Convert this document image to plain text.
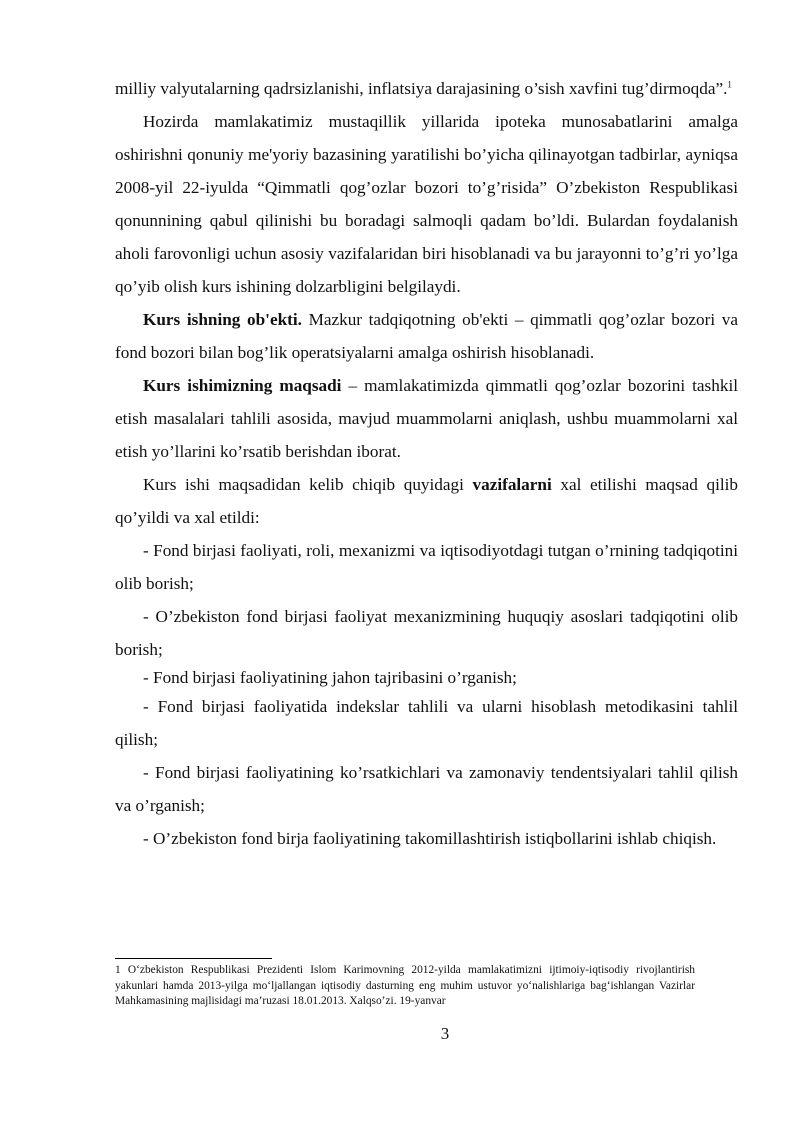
milliy valyutalarning qadrsizlanishi, inflatsiya darajasining o’sish xavfini tug’dirmoqda”.$^1$

Hozirda mamlakatimiz mustaqillik yillarida ipoteka munosabatlarini amalga oshirishni qonuniy me'yoriy bazasining yaratilishi bo’yicha qilinayotgan tadbirlar, ayniqsa 2008-yil 22-iyulda “Qimmatli qog’ozlar bozori to’g’risida” O’zbekiston Respublikasi qonunnining qabul qilinishi bu boradagi salmoqli qadam bo’ldi. Bulardan foydalanish aholi farovonligi uchun asosiy vazifalaridan biri hisoblanadi va bu jarayonni to’g’ri yo’lga qo’yib olish kurs ishining dolzarbligini belgilaydi.

Kurs ishning ob'ekti. Mazkur tadqiqotning ob'ekti – qimmatli qog’ozlar bozori va fond bozori bilan bog’lik operatsiyalarni amalga oshirish hisoblanadi.

Kurs ishimizning maqsadi – mamlakatimizda qimmatli qog’ozlar bozorini tashkil etish masalalari tahlili asosida, mavjud muammolarni aniqlash, ushbu muammolarni xal etish yo’llarini ko’rsatib berishdan iborat.

Kurs ishi maqsadidan kelib chiqib quyidagi vazifalarni xal etilishi maqsad qilib qo’yildi va xal etildi:

- Fond birjasi faoliyati, roli, mexanizmi va iqtisodiyotdagi tutgan o’rnining tadqiqotini olib borish;

- O’zbekiston fond birjasi faoliyat mexanizmining huquqiy asoslari tadqiqotini olib borish;

- Fond birjasi faoliyatining jahon tajribasini o’rganish;

- Fond birjasi faoliyatida indekslar tahlili va ularni hisoblash metodikasini tahlil qilish;

- Fond birjasi faoliyatining ko’rsatkichlari va zamonaviy tendentsiyalari tahlil qilish va o’rganish;

- O’zbekiston fond birja faoliyatining takomillashtirish istiqbollarini ishlab chiqish.

1 O‘zbekiston Respublikasi Prezidenti Islom Karimovning 2012-yilda mamlakatimizni ijtimoiy-iqtisodiy rivojlantirish yakunlari hamda 2013-yilga mo‘ljallangan iqtisodiy dasturning eng muhim ustuvor yo‘nalishlariga bag‘ishlangan Vazirlar Mahkamasining majlisidagi ma’ruzasi 18.01.2013. Xalqso’zi. 19-yanvar
3
